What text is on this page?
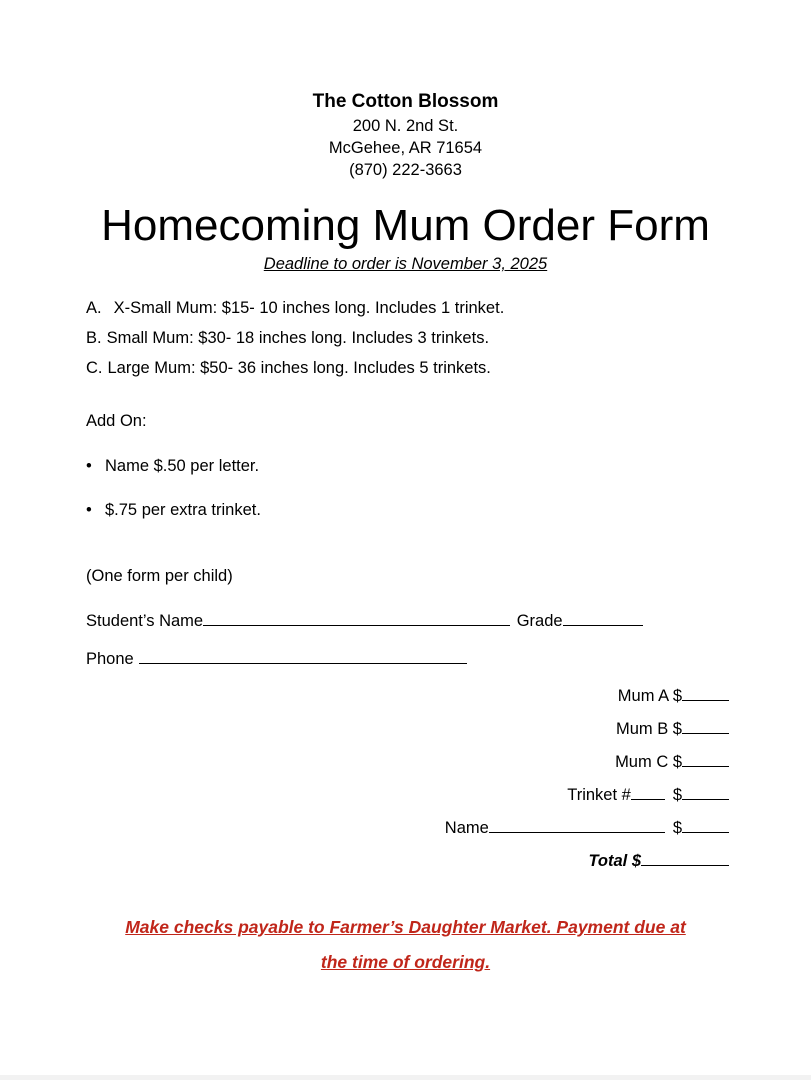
The Cotton Blossom
200 N. 2nd St.
McGehee, AR 71654
(870) 222-3663
Homecoming Mum Order Form
Deadline to order is November 3, 2025
A. X-Small Mum: $15- 10 inches long. Includes 1 trinket.
B. Small Mum: $30- 18 inches long. Includes 3 trinkets.
C. Large Mum: $50- 36 inches long. Includes 5 trinkets.
Add On:
• Name $.50 per letter.
• $.75 per extra trinket.
(One form per child)
Student’s Name	Grade
Phone
Mum A $
Mum B $
Mum C $
Trinket #	$
Name	$
Total $
Make checks payable to Farmer’s Daughter Market. Payment due at
the time of ordering.
